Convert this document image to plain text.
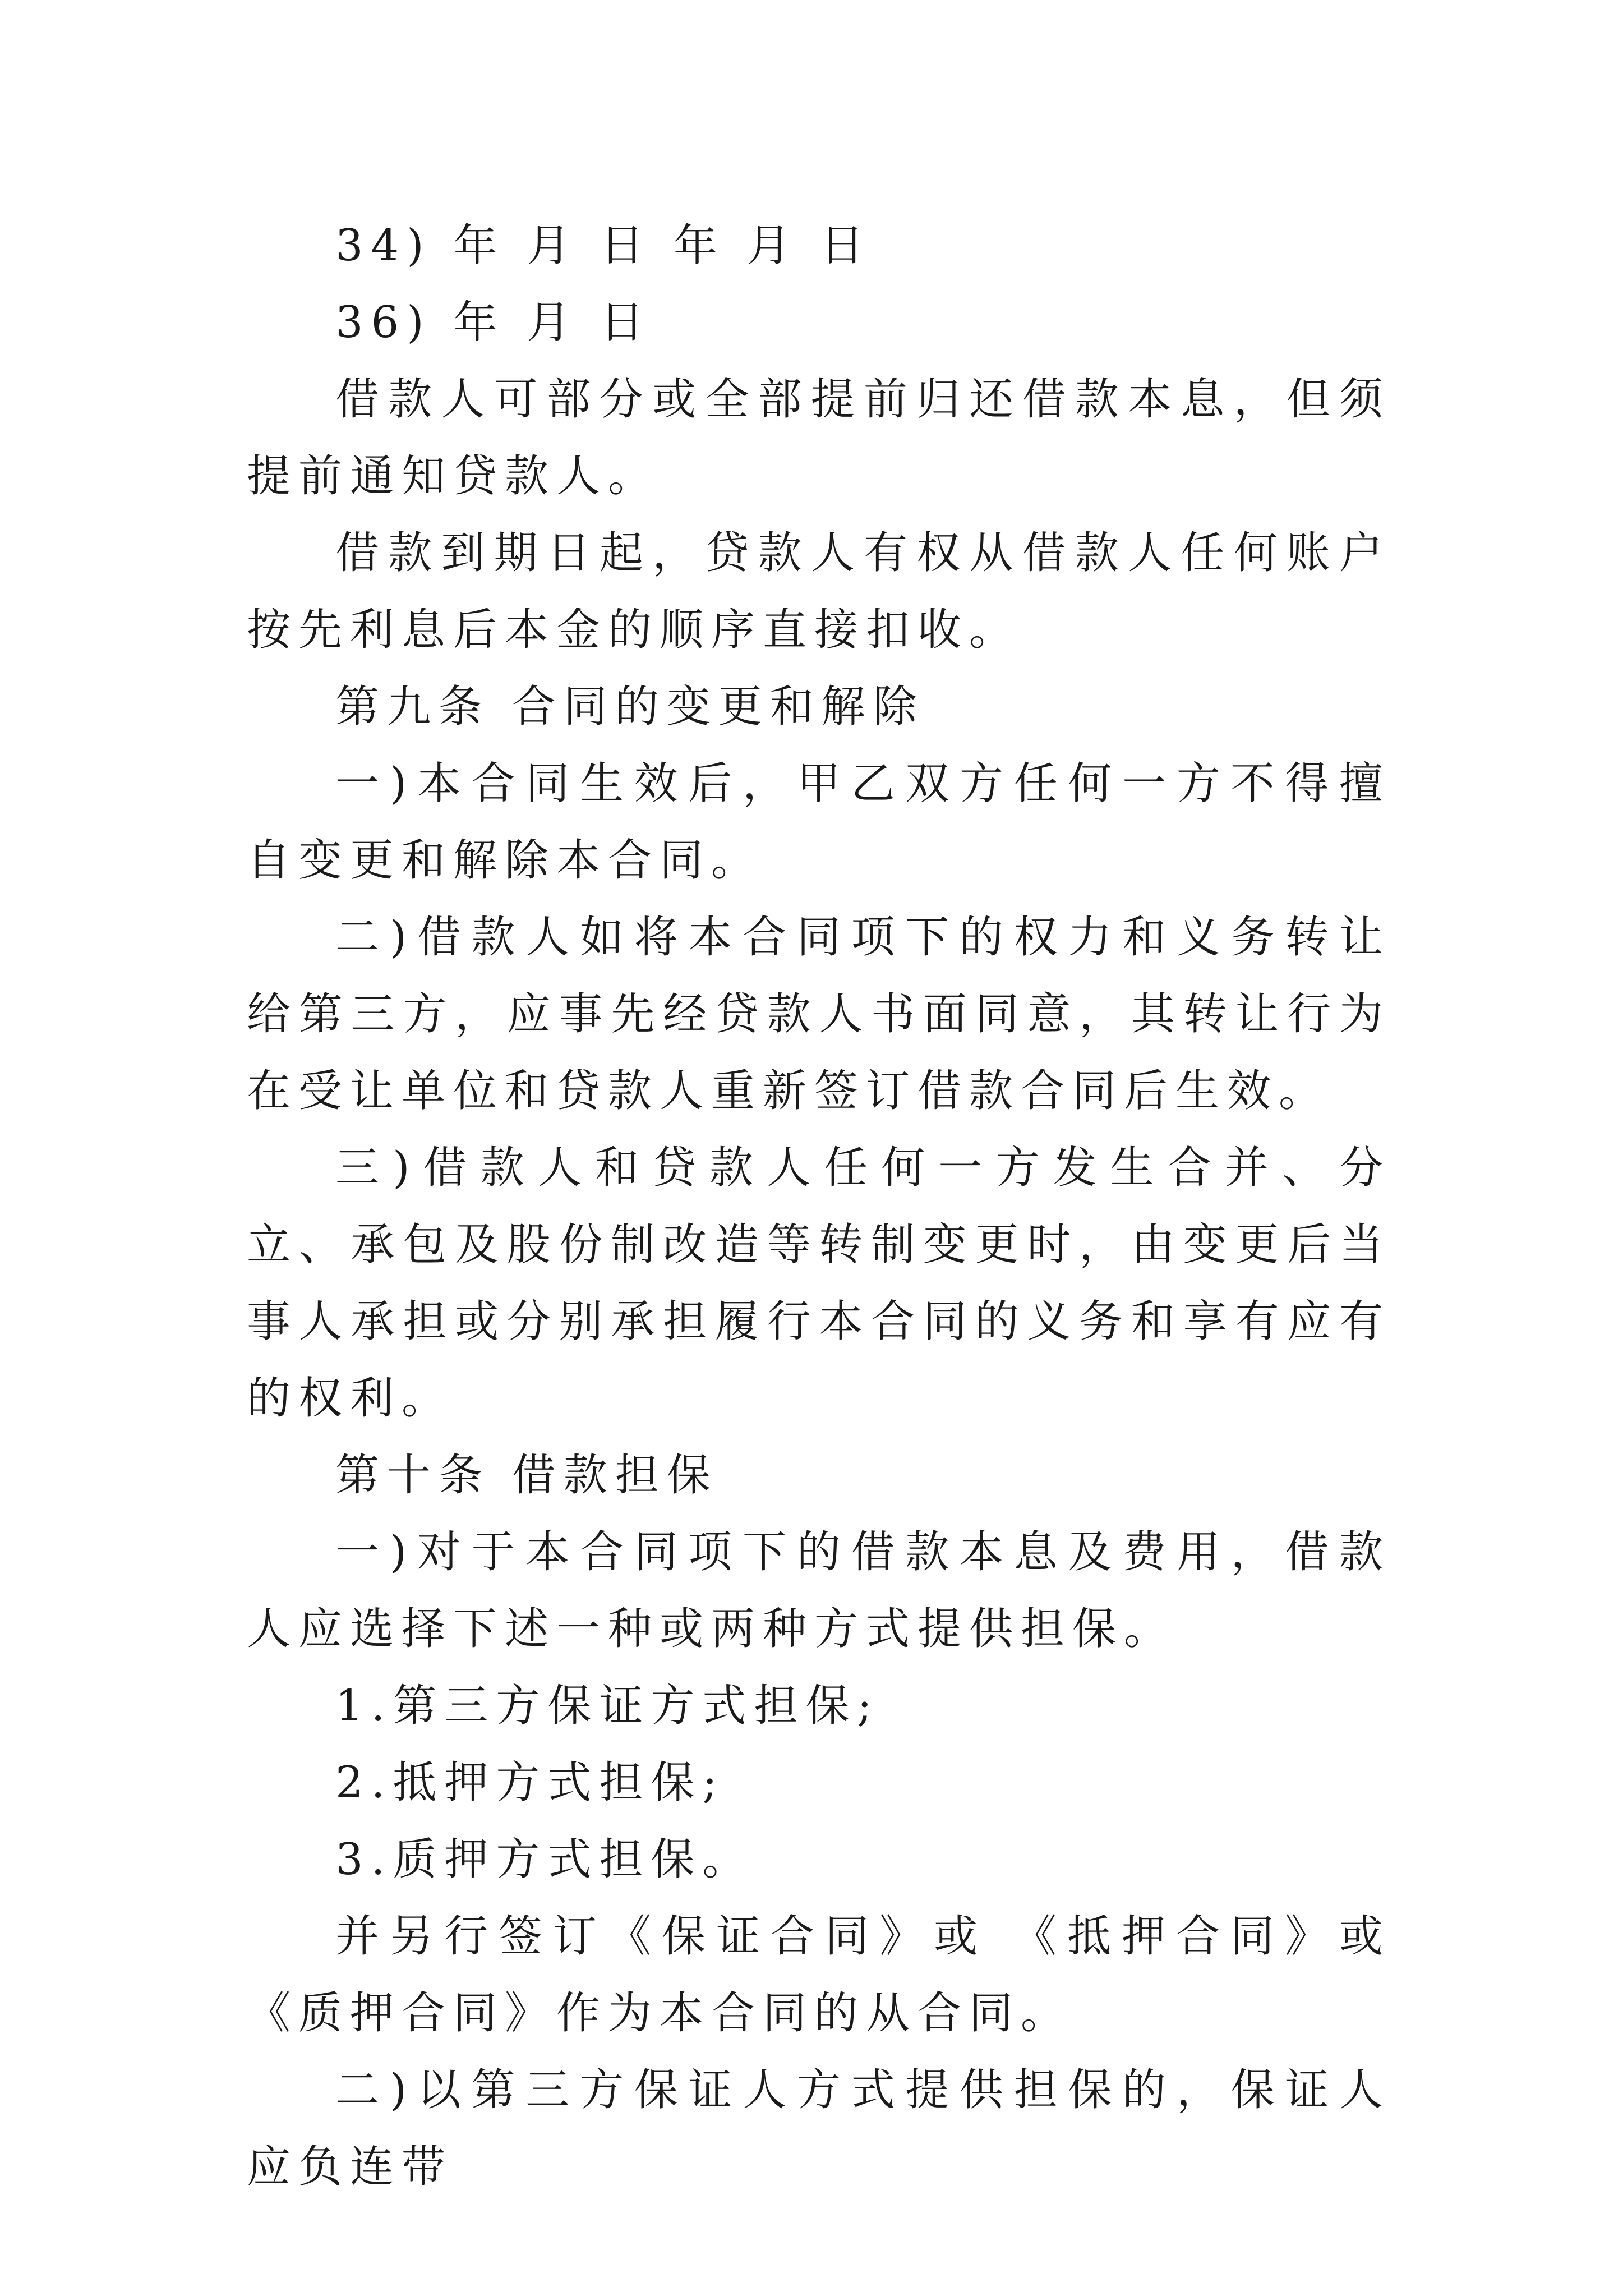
34) 年 月 日 年 月 日

36) 年 月 日

借款人可部分或全部提前归还借款本息，但须提前通知贷款人。

借款到期日起，贷款人有权从借款人任何账户按先利息后本金的顺序直接扣收。

第九条 合同的变更和解除

一)本合同生效后，甲乙双方任何一方不得擅自变更和解除本合同。

二)借款人如将本合同项下的权力和义务转让给第三方，应事先经贷款人书面同意，其转让行为在受让单位和贷款人重新签订借款合同后生效。

三)借款人和贷款人任何一方发生合并、分立、承包及股份制改造等转制变更时，由变更后当事人承担或分别承担履行本合同的义务和享有应有的权利。

第十条 借款担保

一)对于本合同项下的借款本息及费用，借款人应选择下述一种或两种方式提供担保。

1.第三方保证方式担保;

2.抵押方式担保;

3.质押方式担保。

并另行签订《保证合同》或 《抵押合同》或《质押合同》作为本合同的从合同。

二)以第三方保证人方式提供担保的，保证人应负连带
